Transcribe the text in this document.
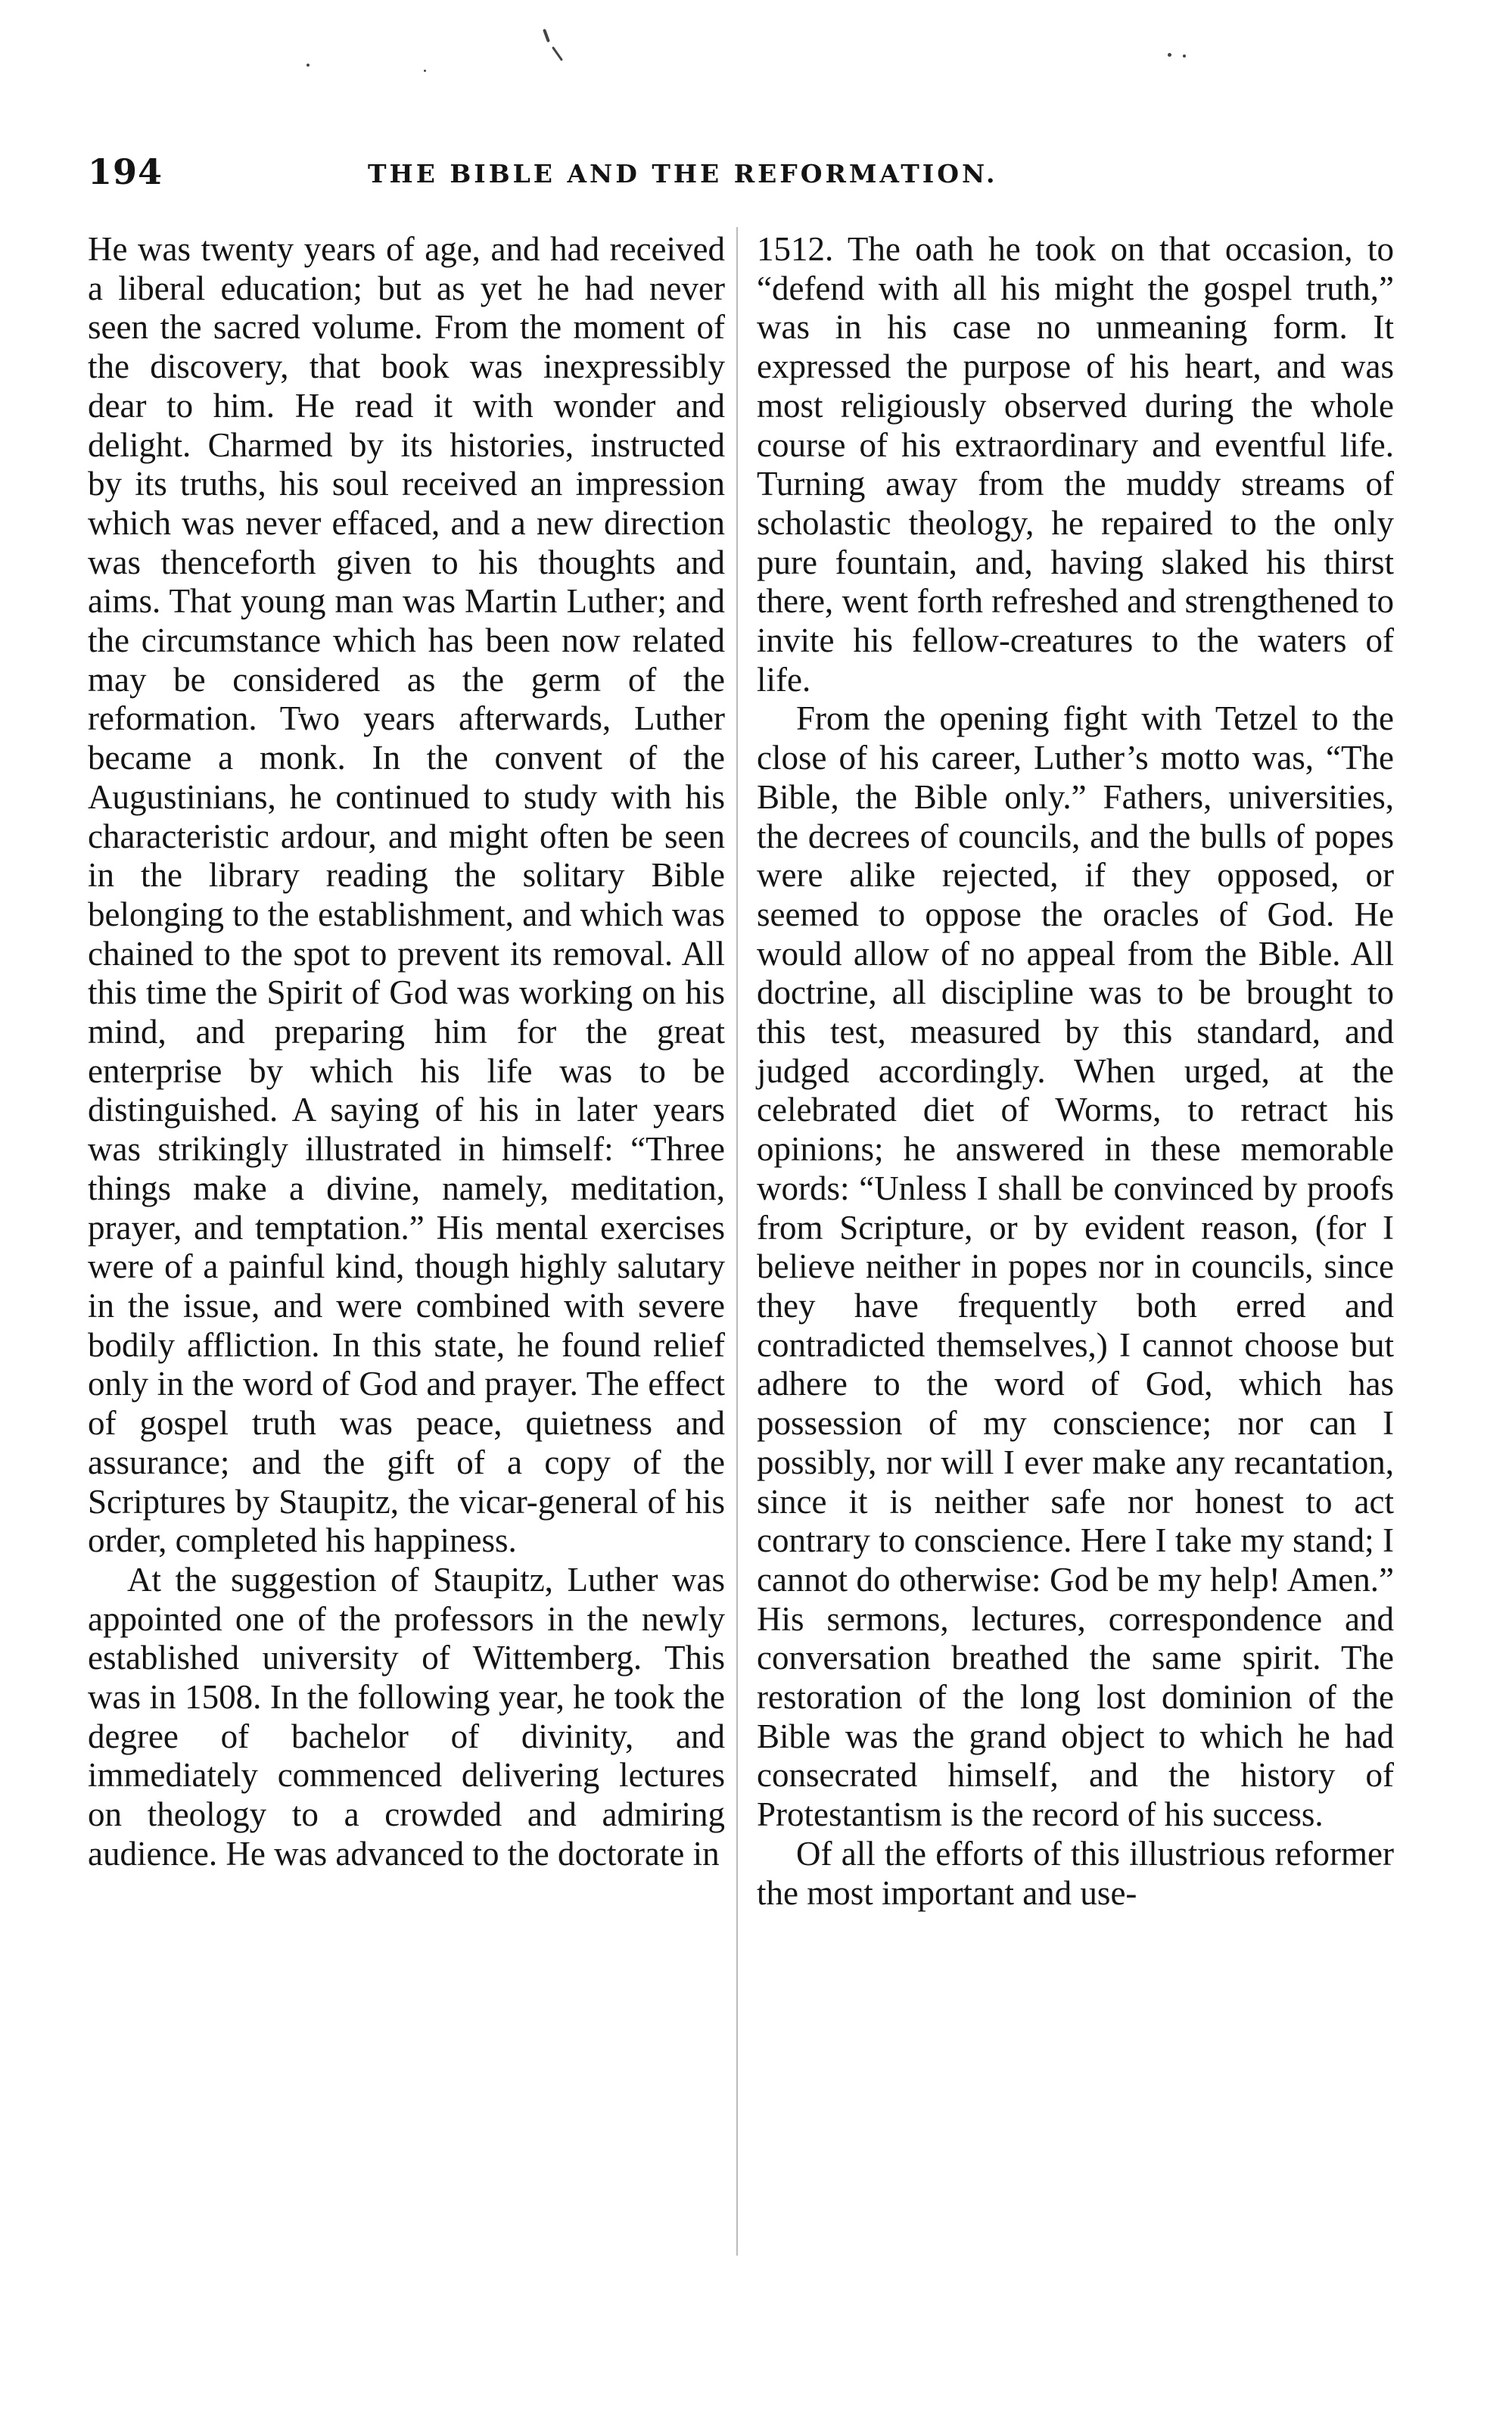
194	THE BIBLE AND THE REFORMATION.

He was twenty years of age, and had received a liberal education; but as yet he had never seen the sacred volume. From the moment of the discovery, that book was inexpressibly dear to him. He read it with wonder and delight. Charmed by its histories, instructed by its truths, his soul received an impression which was never effaced, and a new direction was thenceforth given to his thoughts and aims. That young man was Martin Luther; and the circumstance which has been now related may be considered as the germ of the reformation. Two years afterwards, Luther became a monk. In the convent of the Augustinians, he continued to study with his characteristic ardour, and might often be seen in the library reading the solitary Bible belonging to the establishment, and which was chained to the spot to prevent its removal. All this time the Spirit of God was working on his mind, and preparing him for the great enterprise by which his life was to be distinguished. A saying of his in later years was strikingly illustrated in himself: “Three things make a divine, namely, meditation, prayer, and temptation.” His mental exercises were of a painful kind, though highly salutary in the issue, and were combined with severe bodily affliction. In this state, he found relief only in the word of God and prayer. The effect of gospel truth was peace, quietness and assurance; and the gift of a copy of the Scriptures by Staupitz, the vicar-general of his order, completed his happiness.

At the suggestion of Staupitz, Luther was appointed one of the professors in the newly established university of Wittemberg. This was in 1508. In the following year, he took the degree of bachelor of divinity, and immediately commenced delivering lectures on theology to a crowded and admiring audience. He was advanced to the doctorate in

1512. The oath he took on that occasion, to “defend with all his might the gospel truth,” was in his case no unmeaning form. It expressed the purpose of his heart, and was most religiously observed during the whole course of his extraordinary and eventful life. Turning away from the muddy streams of scholastic theology, he repaired to the only pure fountain, and, having slaked his thirst there, went forth refreshed and strengthened to invite his fellow-creatures to the waters of life.

From the opening fight with Tetzel to the close of his career, Luther’s motto was, “The Bible, the Bible only.” Fathers, universities, the decrees of councils, and the bulls of popes were alike rejected, if they opposed, or seemed to oppose the oracles of God. He would allow of no appeal from the Bible. All doctrine, all discipline was to be brought to this test, measured by this standard, and judged accordingly. When urged, at the celebrated diet of Worms, to retract his opinions; he answered in these memorable words: “Unless I shall be convinced by proofs from Scripture, or by evident reason, (for I believe neither in popes nor in councils, since they have frequently both erred and contradicted themselves,) I cannot choose but adhere to the word of God, which has possession of my conscience; nor can I possibly, nor will I ever make any recantation, since it is neither safe nor honest to act contrary to conscience. Here I take my stand; I cannot do otherwise: God be my help! Amen.” His sermons, lectures, correspondence and conversation breathed the same spirit. The restoration of the long lost dominion of the Bible was the grand object to which he had consecrated himself, and the history of Protestantism is the record of his success.

Of all the efforts of this illustrious reformer the most important and use-
